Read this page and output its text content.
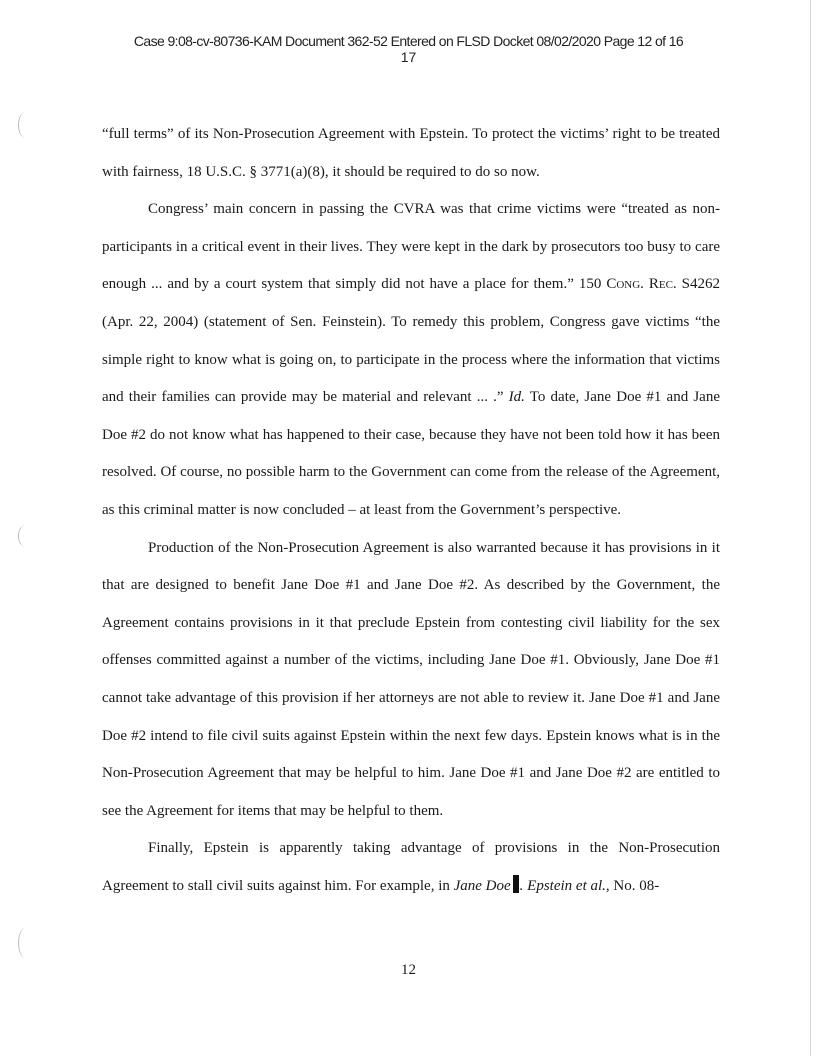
Case 9:08-cv-80736-KAM Document 362-52 Entered on FLSD Docket 08/02/2020 Page 12 of 16
17

“full terms” of its Non-Prosecution Agreement with Epstein. To protect the victims’ right to be treated with fairness, 18 U.S.C. § 3771(a)(8), it should be required to do so now.

Congress’ main concern in passing the CVRA was that crime victims were “treated as non-participants in a critical event in their lives. They were kept in the dark by prosecutors too busy to care enough ... and by a court system that simply did not have a place for them.” 150 Cong. Rec. S4262 (Apr. 22, 2004) (statement of Sen. Feinstein). To remedy this problem, Congress gave victims “the simple right to know what is going on, to participate in the process where the information that victims and their families can provide may be material and relevant ... .” Id. To date, Jane Doe #1 and Jane Doe #2 do not know what has happened to their case, because they have not been told how it has been resolved. Of course, no possible harm to the Government can come from the release of the Agreement, as this criminal matter is now concluded – at least from the Government’s perspective.

Production of the Non-Prosecution Agreement is also warranted because it has provisions in it that are designed to benefit Jane Doe #1 and Jane Doe #2. As described by the Government, the Agreement contains provisions in it that preclude Epstein from contesting civil liability for the sex offenses committed against a number of the victims, including Jane Doe #1. Obviously, Jane Doe #1 cannot take advantage of this provision if her attorneys are not able to review it. Jane Doe #1 and Jane Doe #2 intend to file civil suits against Epstein within the next few days. Epstein knows what is in the Non-Prosecution Agreement that may be helpful to him. Jane Doe #1 and Jane Doe #2 are entitled to see the Agreement for items that may be helpful to them.

Finally, Epstein is apparently taking advantage of provisions in the Non-Prosecution Agreement to stall civil suits against him. For example, in Jane Doe . Epstein et al., No. 08-

12
